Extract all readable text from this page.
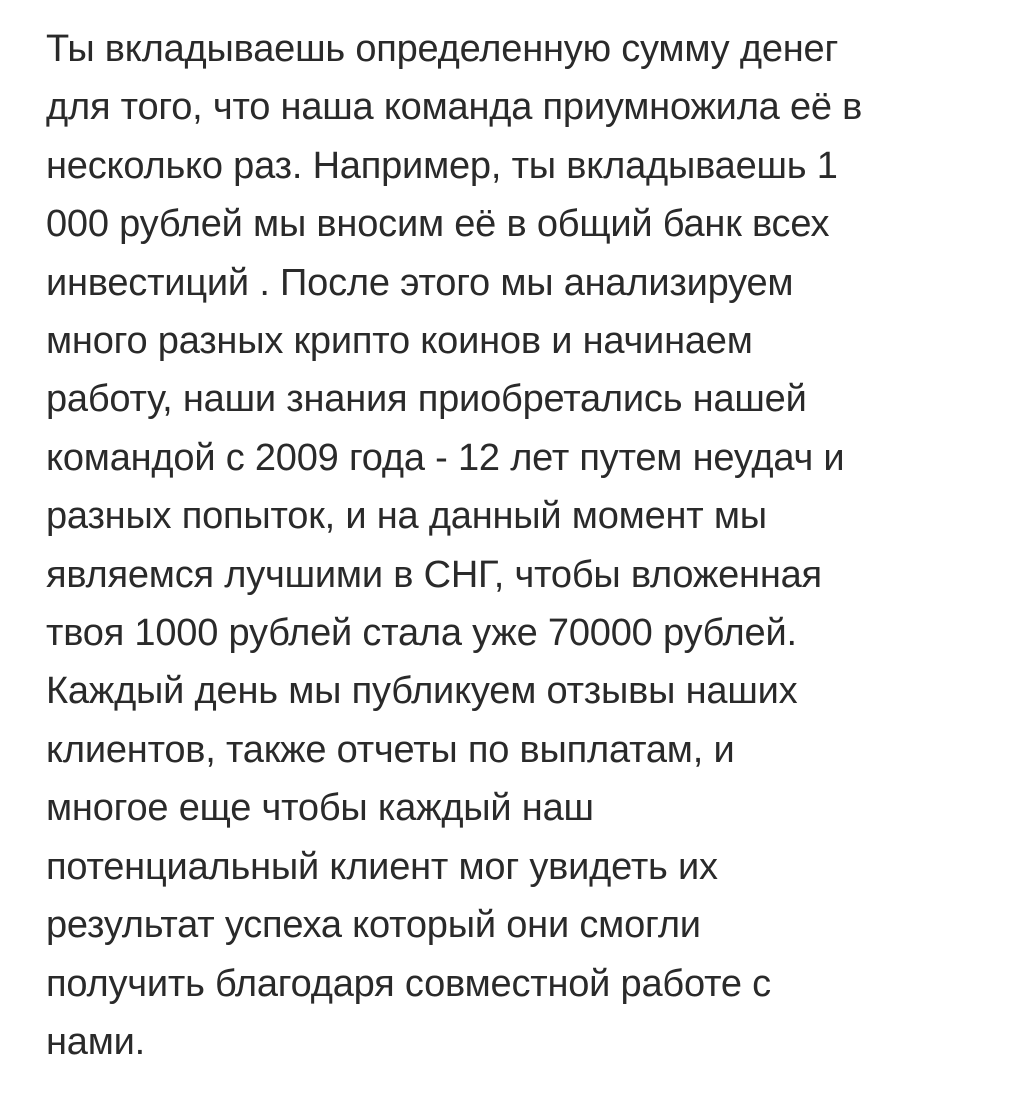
Ты вкладываешь определенную сумму денег
для того, что наша команда приумножила её в
несколько раз. Например, ты вкладываешь 1
000 рублей мы вносим её в общий банк всех
инвестиций . После этого мы анализируем
много разных крипто коинов и начинаем
работу, наши знания приобретались нашей
командой с 2009 года - 12 лет путем неудач и
разных попыток, и на данный момент мы
являемся лучшими в СНГ, чтобы вложенная
твоя 1000 рублей стала уже 70000 рублей.
Каждый день мы публикуем отзывы наших
клиентов, также отчеты по выплатам, и
многое еще чтобы каждый наш
потенциальный клиент мог увидеть их
результат успеха который они смогли
получить благодаря совместной работе с
нами.
